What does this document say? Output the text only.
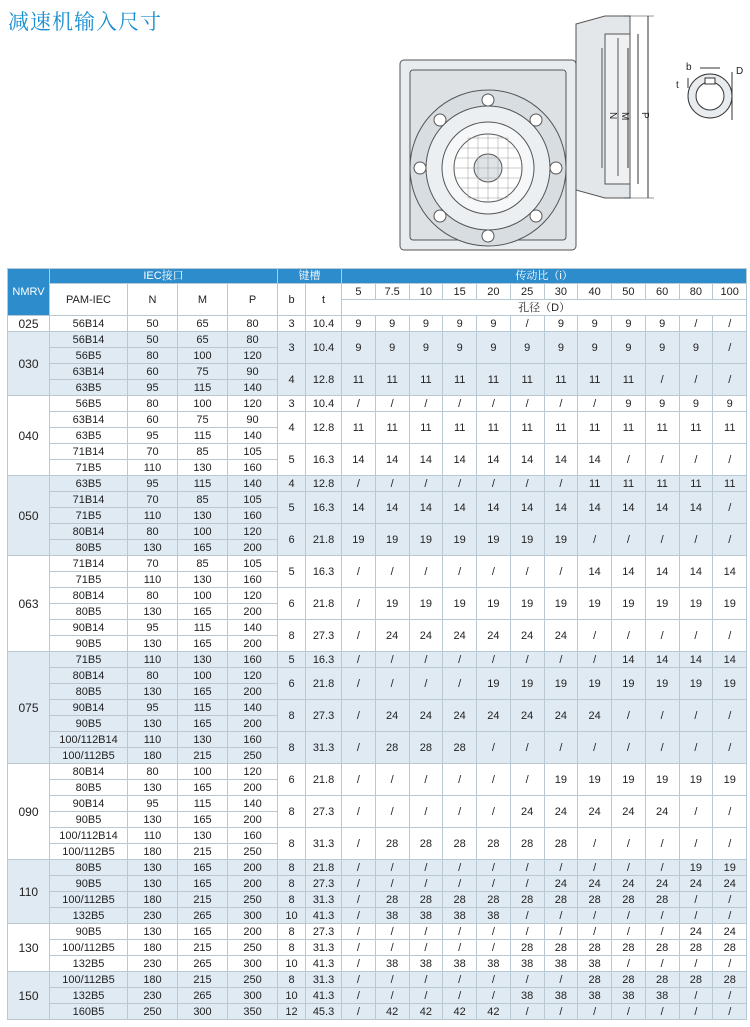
减速机输入尺寸
N M P
b
t
D
NMRV	IEC接口				键槽		传动比（i）											
	PAM-IEC	N	M	P	b	t	5	7.5	10	15	20	25	30	40	50	60	80	100
							孔径（D）											
025	56B14	50	65	80	3	10.4	9	9	9	9	9	/	9	9	9	9	/	/
030	56B14	50	65	80	3	10.4	9	9	9	9	9	9	9	9	9	9	9	/
	56B5	80	100	120														
	63B14	60	75	90	4	12.8	11	11	11	11	11	11	11	11	11	/	/	/
	63B5	95	115	140														
040	56B5	80	100	120	3	10.4	/	/	/	/	/	/	/	/	9	9	9	9
	63B14	60	75	90	4	12.8	11	11	11	11	11	11	11	11	11	11	11	11
	63B5	95	115	140														
	71B14	70	85	105	5	16.3	14	14	14	14	14	14	14	14	/	/	/	/
	71B5	110	130	160														
050	63B5	95	115	140	4	12.8	/	/	/	/	/	/	/	11	11	11	11	11
	71B14	70	85	105	5	16.3	14	14	14	14	14	14	14	14	14	14	14	/
	71B5	110	130	160														
	80B14	80	100	120	6	21.8	19	19	19	19	19	19	19	/	/	/	/	/
	80B5	130	165	200														
063	71B14	70	85	105	5	16.3	/	/	/	/	/	/	/	14	14	14	14	14
	71B5	110	130	160														
	80B14	80	100	120	6	21.8	/	19	19	19	19	19	19	19	19	19	19	19
	80B5	130	165	200														
	90B14	95	115	140	8	27.3	/	24	24	24	24	24	24	/	/	/	/	/
	90B5	130	165	200														
075	71B5	110	130	160	5	16.3	/	/	/	/	/	/	/	/	14	14	14	14
	80B14	80	100	120	6	21.8	/	/	/	/	19	19	19	19	19	19	19	19
	80B5	130	165	200														
	90B14	95	115	140	8	27.3	/	24	24	24	24	24	24	24	/	/	/	/
	90B5	130	165	200														
	100/112B14	110	130	160	8	31.3	/	28	28	28	/	/	/	/	/	/	/	/
	100/112B5	180	215	250														
090	80B14	80	100	120	6	21.8	/	/	/	/	/	/	19	19	19	19	19	19
	80B5	130	165	200														
	90B14	95	115	140	8	27.3	/	/	/	/	/	24	24	24	24	24	/	/
	90B5	130	165	200														
	100/112B14	110	130	160	8	31.3	/	28	28	28	28	28	28	/	/	/	/	/
	100/112B5	180	215	250														
110	80B5	130	165	200	8	21.8	/	/	/	/	/	/	/	/	/	/	19	19
	90B5	130	165	200	8	27.3	/	/	/	/	/	/	24	24	24	24	24	24
	100/112B5	180	215	250	8	31.3	/	28	28	28	28	28	28	28	28	28	/	/
	132B5	230	265	300	10	41.3	/	38	38	38	38	/	/	/	/	/	/	/
130	90B5	130	165	200	8	27.3	/	/	/	/	/	/	/	/	/	/	24	24
	100/112B5	180	215	250	8	31.3	/	/	/	/	/	28	28	28	28	28	28	28
	132B5	230	265	300	10	41.3	/	38	38	38	38	38	38	38	/	/	/	/
150	100/112B5	180	215	250	8	31.3	/	/	/	/	/	/	/	28	28	28	28	28
	132B5	230	265	300	10	41.3	/	/	/	/	/	38	38	38	38	38	/	/
	160B5	250	300	350	12	45.3	/	42	42	42	42	/	/	/	/	/	/	/
